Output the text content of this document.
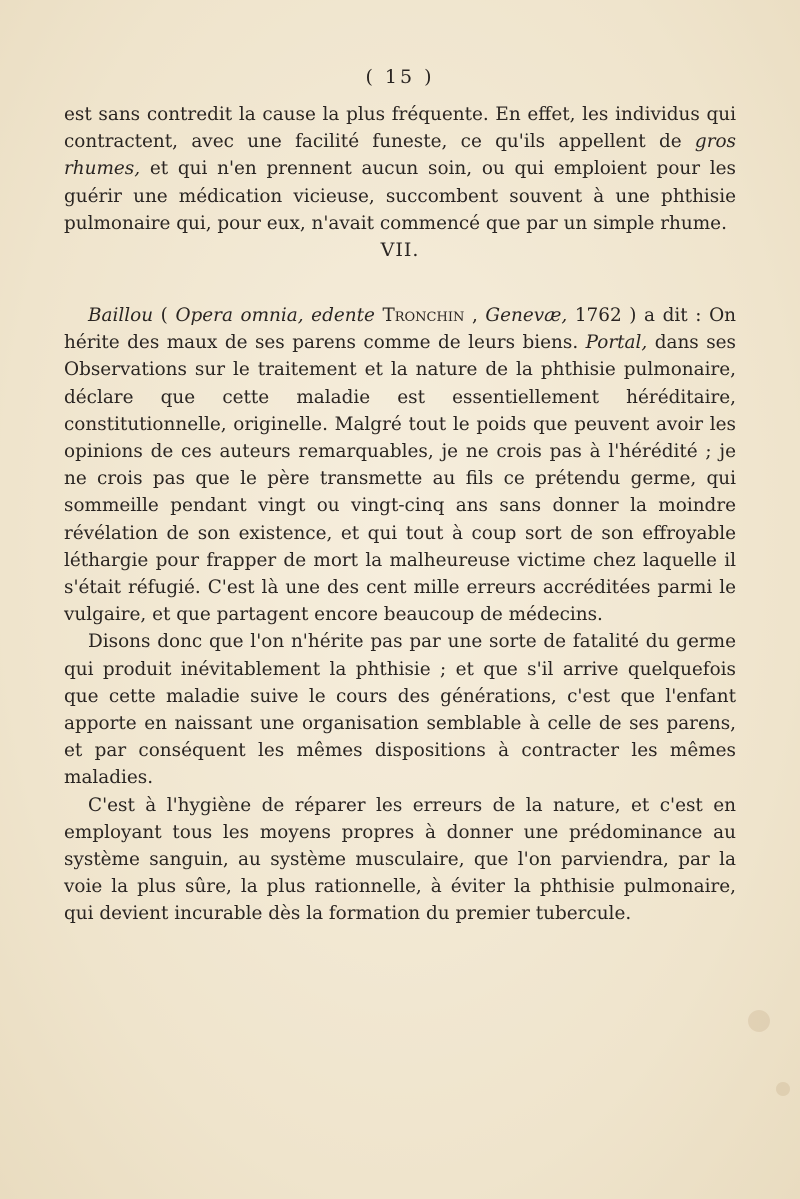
( 15 )

est sans contredit la cause la plus fréquente. En effet, les individus qui contractent, avec une facilité funeste, ce qu'ils appellent de gros rhumes, et qui n'en prennent aucun soin, ou qui emploient pour les guérir une médication vicieuse, succombent souvent à une phthisie pulmonaire qui, pour eux, n'avait commencé que par un simple rhume.

VII.

Baillou ( Opera omnia, edente Tronchin , Genevæ, 1762 ) a dit : On hérite des maux de ses parens comme de leurs biens. Portal, dans ses Observations sur le traitement et la nature de la phthisie pulmonaire, déclare que cette maladie est essentiellement héréditaire, constitutionnelle, originelle. Malgré tout le poids que peuvent avoir les opinions de ces auteurs remarquables, je ne crois pas à l'hérédité ; je ne crois pas que le père transmette au fils ce prétendu germe, qui sommeille pendant vingt ou vingt-cinq ans sans donner la moindre révélation de son existence, et qui tout à coup sort de son effroyable léthargie pour frapper de mort la malheureuse victime chez laquelle il s'était réfugié. C'est là une des cent mille erreurs accréditées parmi le vulgaire, et que partagent encore beaucoup de médecins.

Disons donc que l'on n'hérite pas par une sorte de fatalité du germe qui produit inévitablement la phthisie ; et que s'il arrive quelquefois que cette maladie suive le cours des générations, c'est que l'enfant apporte en naissant une organisation semblable à celle de ses parens, et par conséquent les mêmes dispositions à contracter les mêmes maladies.

C'est à l'hygiène de réparer les erreurs de la nature, et c'est en employant tous les moyens propres à donner une prédominance au système sanguin, au système musculaire, que l'on parviendra, par la voie la plus sûre, la plus rationnelle, à éviter la phthisie pulmonaire, qui devient incurable dès la formation du premier tubercule.
